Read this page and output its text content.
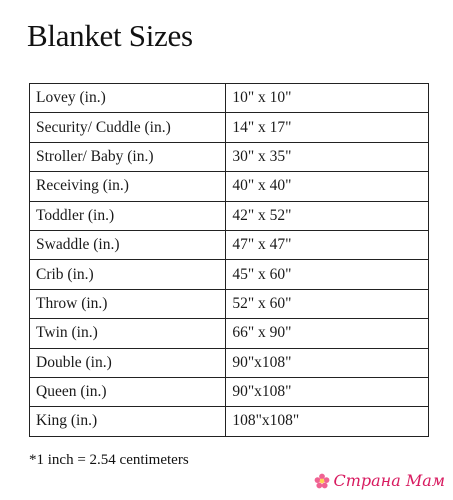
Blanket Sizes
Lovey (in.)	10" x 10"
Security/ Cuddle (in.)	14" x 17"
Stroller/ Baby (in.)	30" x 35"
Receiving (in.)	40" x 40"
Toddler (in.)	42" x 52"
Swaddle (in.)	47" x 47"
Crib (in.)	45" x 60"
Throw (in.)	52" x 60"
Twin (in.)	66" x 90"
Double (in.)	90"x108"
Queen (in.)	90"x108"
King (in.)	108"x108"
*1 inch = 2.54 centimeters
Страна Мам
